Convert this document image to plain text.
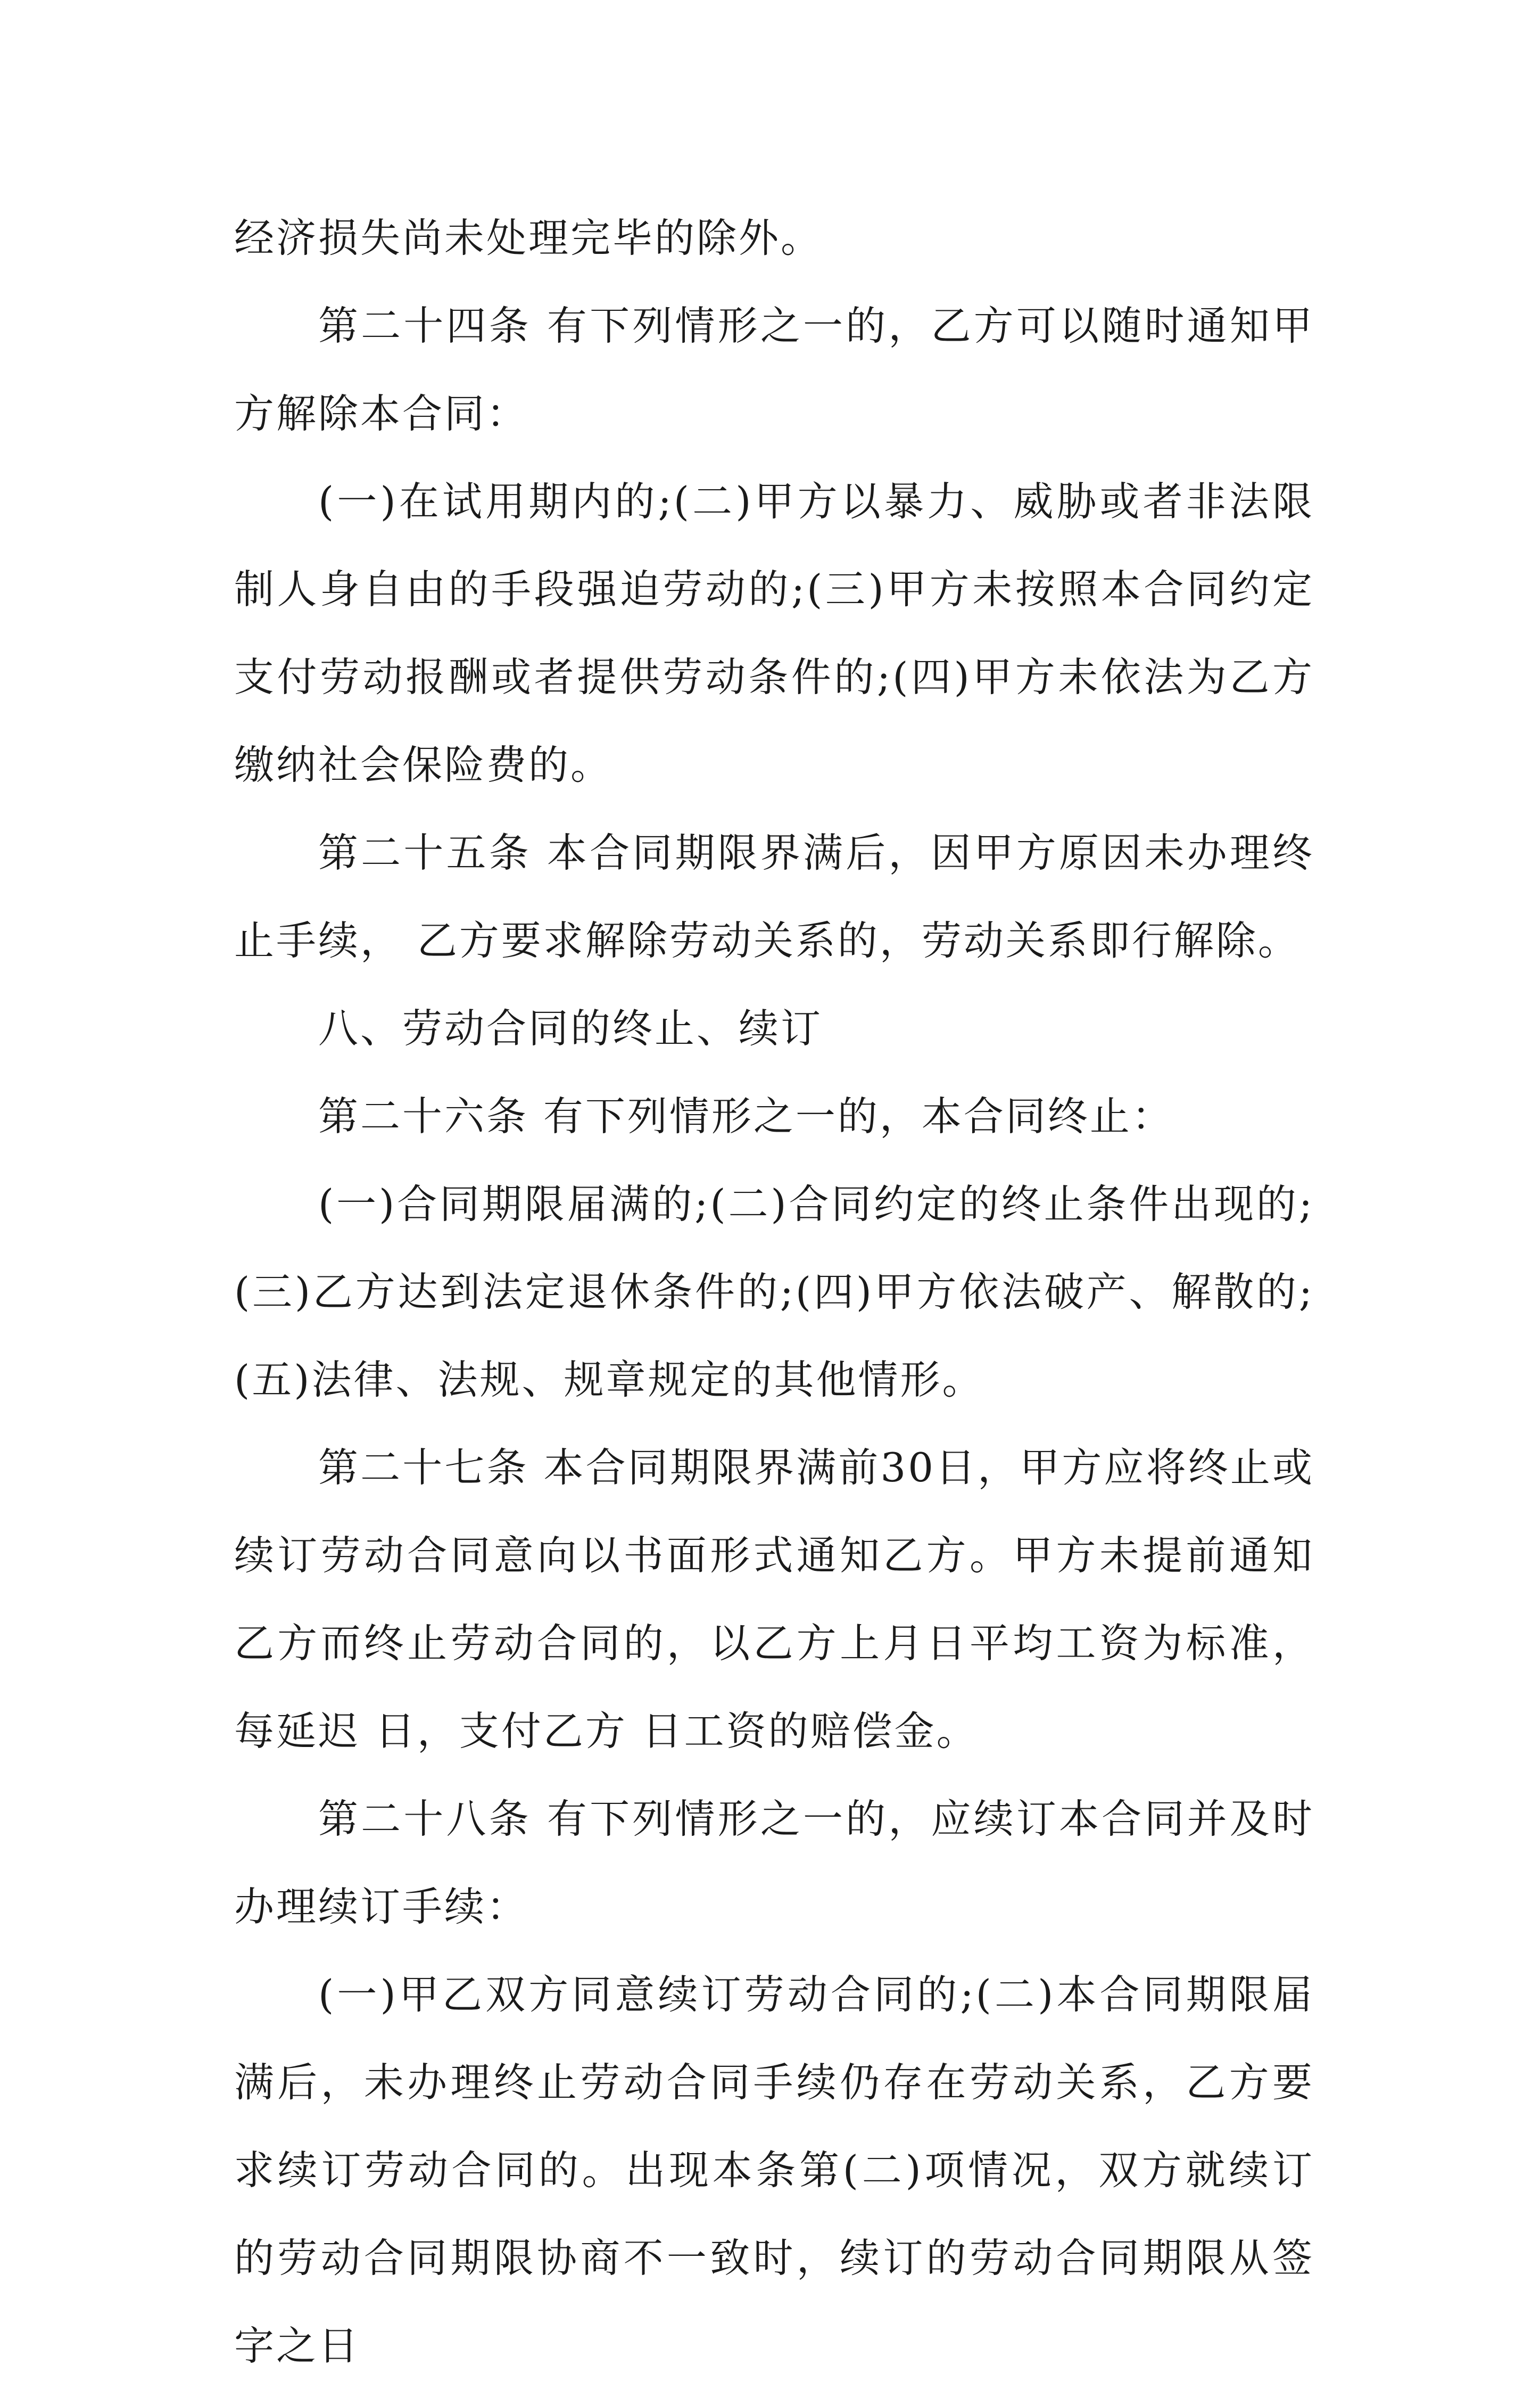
经济损失尚未处理完毕的除外。

第二十四条 有下列情形之一的，乙方可以随时通知甲方解除本合同：

(一)在试用期内的;(二)甲方以暴力、威胁或者非法限制人身自由的手段强迫劳动的;(三)甲方未按照本合同约定支付劳动报酬或者提供劳动条件的;(四)甲方未依法为乙方缴纳社会保险费的。

第二十五条 本合同期限界满后，因甲方原因未办理终止手续， 乙方要求解除劳动关系的，劳动关系即行解除。

八、劳动合同的终止、续订

第二十六条 有下列情形之一的，本合同终止：

(一)合同期限届满的;(二)合同约定的终止条件出现的;(三)乙方达到法定退休条件的;(四)甲方依法破产、解散的;(五)法律、法规、规章规定的其他情形。

第二十七条 本合同期限界满前30日，甲方应将终止或续订劳动合同意向以书面形式通知乙方。甲方未提前通知乙方而终止劳动合同的，以乙方上月日平均工资为标准，每延迟 日，支付乙方 日工资的赔偿金。

第二十八条 有下列情形之一的，应续订本合同并及时办理续订手续：

(一)甲乙双方同意续订劳动合同的;(二)本合同期限届满后，未办理终止劳动合同手续仍存在劳动关系，乙方要求续订劳动合同的。出现本条第(二)项情况，双方就续订的劳动合同期限协商不一致时，续订的劳动合同期限从签字之日
